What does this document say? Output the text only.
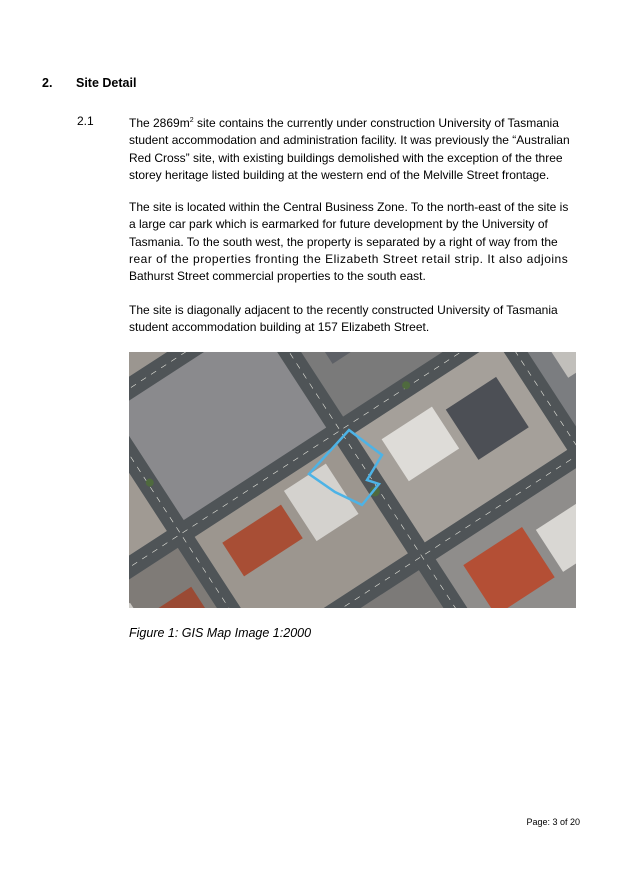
2.	Site Detail
2.1	The $2869m^2$ site contains the currently under construction University of Tasmania
student accommodation and administration facility. It was previously the “Australian
Red Cross” site, with existing buildings demolished with the exception of the three
storey heritage listed building at the western end of the Melville Street frontage.
The site is located within the Central Business Zone. To the north-east of the site is
a large car park which is earmarked for future development by the University of
Tasmania. To the south west, the property is separated by a right of way from the
rear of the properties fronting the Elizabeth Street retail strip. It also adjoins
Bathurst Street commercial properties to the south east.
The site is diagonally adjacent to the recently constructed University of Tasmania
student accommodation building at 157 Elizabeth Street.
Figure 1: GIS Map Image 1:2000
Page: 3 of 20
